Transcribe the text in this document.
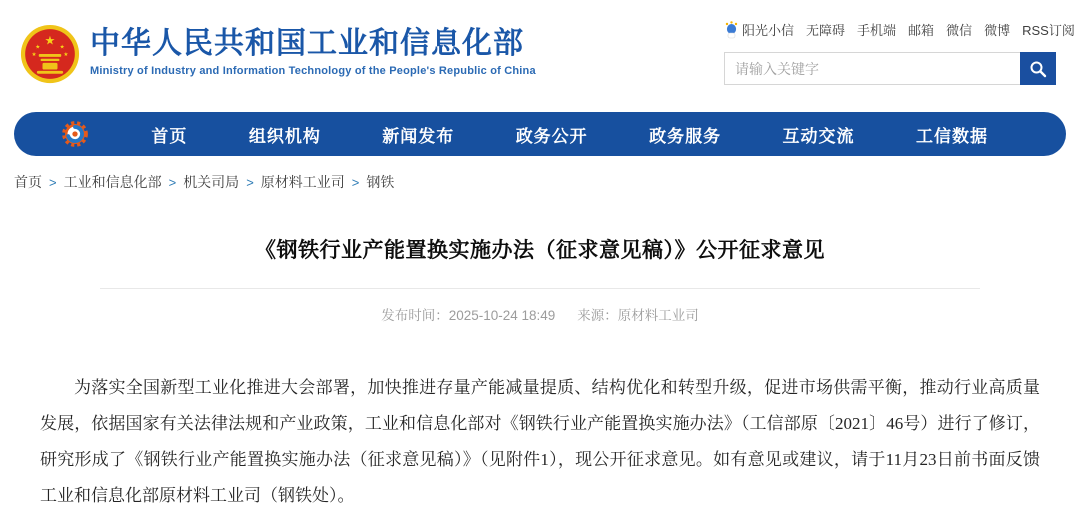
★
★	★
★	★ 中华人民共和国工业和信息化部
Ministry of Industry and Information Technology of the People's Republic of China
阳光小信 无障碍 手机端 邮箱 微信 微博 RSS订阅
请输入关键字
首页	组织机构	新闻发布	政务公开	政务服务	互动交流	工信数据
首页 > 工业和信息化部 > 机关司局 > 原材料工业司 > 钢铁
《钢铁行业产能置换实施办法（征求意见稿）》公开征求意见
发布时间：2025-10-24 18:49 来源：原材料工业司

为落实全国新型工业化推进大会部署，加快推进存量产能减量提质、结构优化和转型升级，促进市场供需平衡，推动行业高质量发展，依据国家有关法律法规和产业政策，工业和信息化部对《钢铁行业产能置换实施办法》（工信部原〔2021〕46号）进行了修订，研究形成了《钢铁行业产能置换实施办法（征求意见稿）》（见附件1），现公开征求意见。如有意见或建议，请于11月23日前书面反馈工业和信息化部原材料工业司（钢铁处）。
